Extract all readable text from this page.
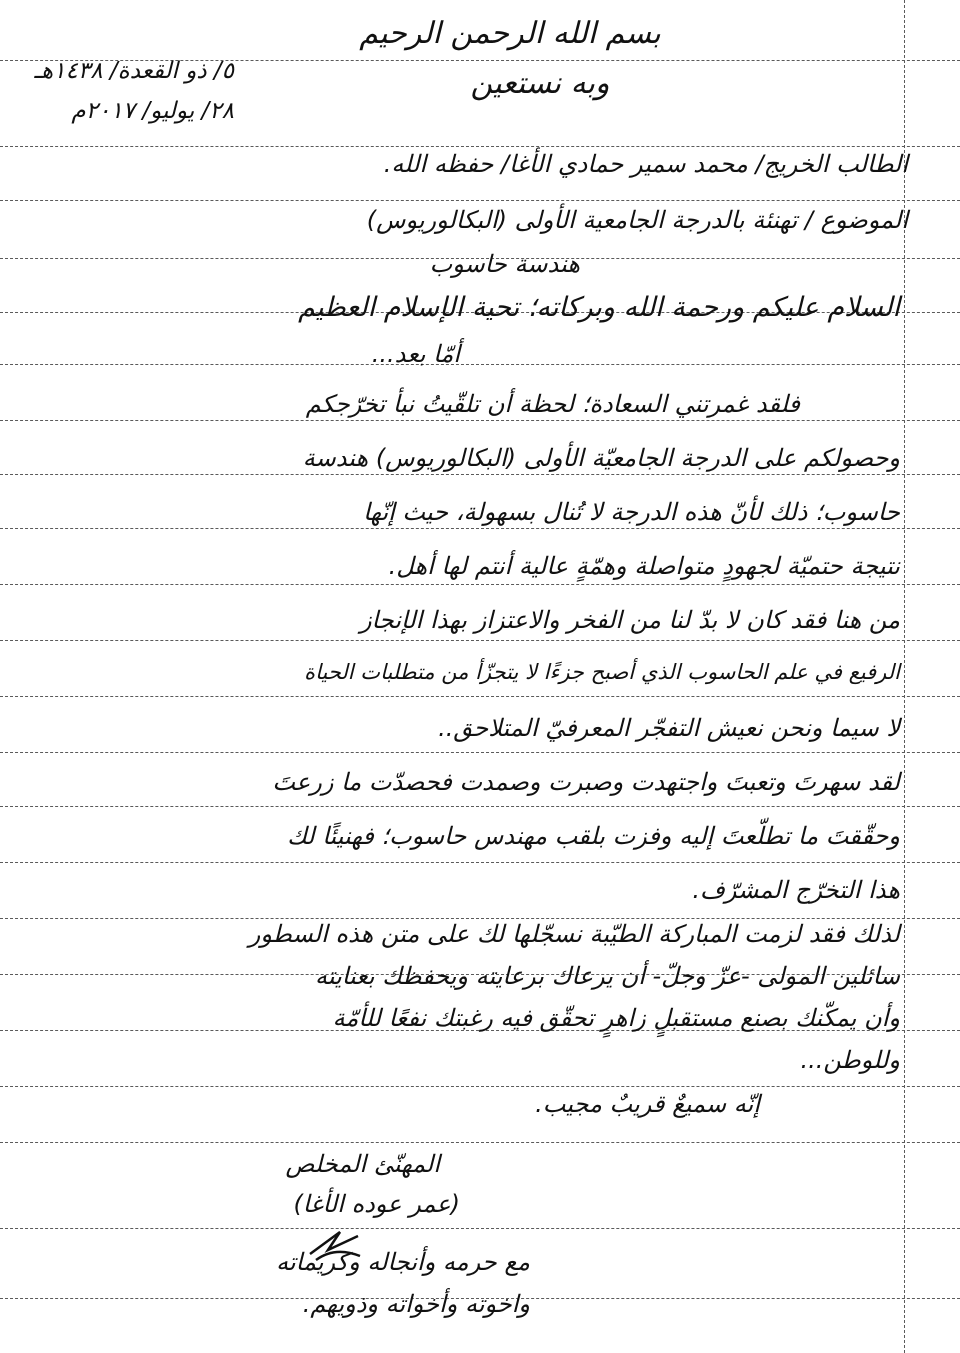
بسم الله الرحمن الرحيم
وبه نستعين
٥/ ذو القعدة/ ١٤٣٨هـ
٢٨/ يوليو/ ٢٠١٧م
الطالب الخريج/ محمد سمير حمادي الأغا/ حفظه الله.
الموضوع / تهنئة بالدرجة الجامعية الأولى (البكالوريوس)
هندسة حاسوب
السلام عليكم ورحمة الله وبركاته؛ تحية الإسلام العظيم
أمّا بعد...
فلقد غمرتني السعادة؛ لحظة أن تلقّيتُ نبأ تخرّجكم
وحصولكم على الدرجة الجامعيّة الأولى (البكالوريوس) هندسة
حاسوب؛ ذلك لأنّ هذه الدرجة لا تُنال بسهولة، حيث إنّها
نتيجة حتميّة لجهودٍ متواصلة وهمّةٍ عالية أنتم لها أهل.
من هنا فقد كان لا بدّ لنا من الفخر والاعتزاز بهذا الإنجاز
الرفيع في علم الحاسوب الذي أصبح جزءًا لا يتجزّأ من متطلبات الحياة
لا سيما ونحن نعيش التفجّر المعرفيّ المتلاحق..
لقد سهرتَ وتعبتَ واجتهدت وصبرت وصمدت فحصدّت ما زرعتَ
وحقّقتَ ما تطلّعتَ إليه وفزت بلقب مهندس حاسوب؛ فهنيئًا لك
هذا التخرّج المشرّف.
لذلك فقد لزمت المباركة الطيّبة نسجّلها لك على متن هذه السطور
سائلين المولى -عزّ وجلّ- أن يرعاك برعايته ويحفظك بعنايته
وأن يمكّنك بصنع مستقبلٍ زاهرٍ تحقّق فيه رغبتك نفعًا للأمّة
وللوطن...
إنّه سميعٌ قريبٌ مجيب.
المهنّئ المخلص
(عمر عوده الأغا)
مع حرمه وأنجاله وكريماته
واخوته وأخواته وذويهم.
